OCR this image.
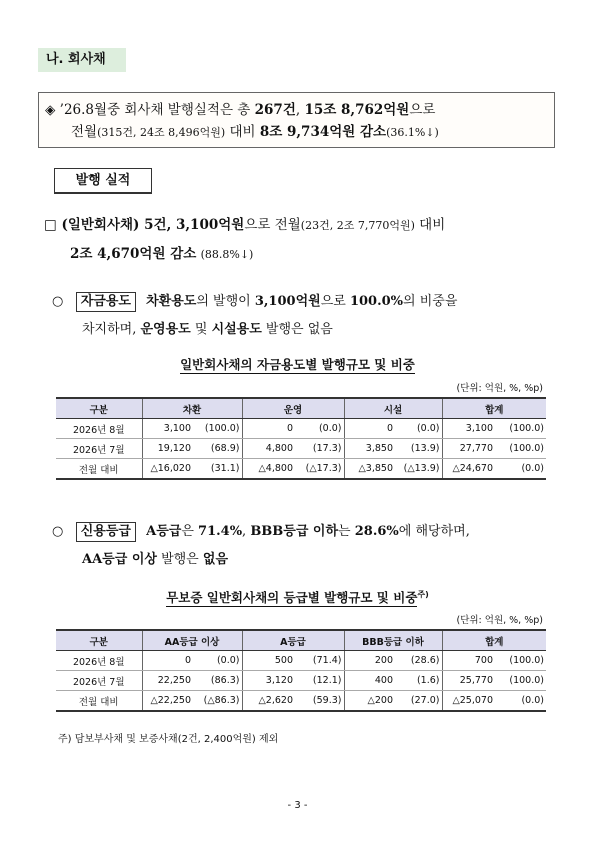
나. 회사채
◈ ’26.8월중 회사채 발행실적은 총 267건, 15조 8,762억원으로
전월(315건, 24조 8,496억원) 대비 8조 9,734억원 감소(36.1%↓)
발행 실적
□ (일반회사채) 5건, 3,100억원으로 전월(23건, 2조 7,770억원) 대비
2조 4,670억원 감소 (88.8%↓)
○ 자금용도 차환용도의 발행이 3,100억원으로 100.0%의 비중을
차지하며, 운영용도 및 시설용도 발행은 없음
일반회사채의 자금용도별 발행규모 및 비중
(단위: 억원, %, %p)
구분	차환		운영		시설		합계	
2026년 8월	3,100	(100.0)	0	(0.0)	0	(0.0)	3,100	(100.0)
2026년 7월	19,120	(68.9)	4,800	(17.3)	3,850	(13.9)	27,770	(100.0)
전월 대비	△16,020	(31.1)	△4,800	(△17.3)	△3,850	(△13.9)	△24,670	(0.0)
○ 신용등급 A등급은 71.4%, BBB등급 이하는 28.6%에 해당하며,
AA등급 이상 발행은 없음
무보증 일반회사채의 등급별 발행규모 및 비중$^{주)}$
(단위: 억원, %, %p)
구분	AA등급 이상		A등급		BBB등급 이하		합계	
2026년 8월	0	(0.0)	500	(71.4)	200	(28.6)	700	(100.0)
2026년 7월	22,250	(86.3)	3,120	(12.1)	400	(1.6)	25,770	(100.0)
전월 대비	△22,250	(△86.3)	△2,620	(59.3)	△200	(27.0)	△25,070	(0.0)
주) 담보부사채 및 보증사채(2건, 2,400억원) 제외
- 3 -
